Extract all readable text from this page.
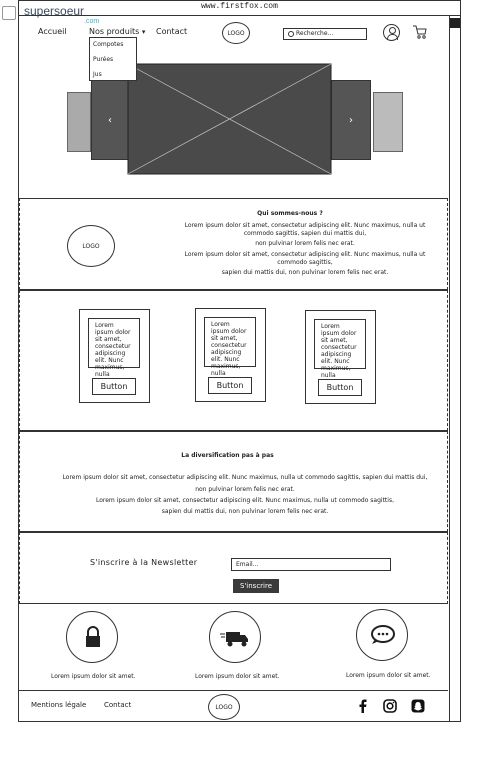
supersoeur
.com
www.firstfox.com
Accueil	Nos produits ▾ Contact	LOGO	Recherche...
‹	›
Compotes
Purées
Jus
LOGO
Qui sommes-nous ?
Lorem ipsum dolor sit amet, consectetur adipiscing elit. Nunc maximus, nulla ut
commodo sagittis, sapien dui mattis dui,
non pulvinar lorem felis nec erat.
Lorem ipsum dolor sit amet, consectetur adipiscing elit. Nunc maximus, nulla ut
commodo sagittis,
sapien dui mattis dui, non pulvinar lorem felis nec erat.
Lorem ipsum dolor sit amet, consectetur adipiscing elit. Nunc maximus, nulla
Button
Lorem ipsum dolor sit amet, consectetur adipiscing elit. Nunc maximus, nulla
Button
Lorem ipsum dolor sit amet, consectetur adipiscing elit. Nunc maximus, nulla
Button
La diversification pas à pas
Lorem ipsum dolor sit amet, consectetur adipiscing elit. Nunc maximus, nulla ut commodo sagittis, sapien dui mattis dui,
non pulvinar lorem felis nec erat.
Lorem ipsum dolor sit amet, consectetur adipiscing elit. Nunc maximus, nulla ut commodo sagittis,
sapien dui mattis dui, non pulvinar lorem felis nec erat.
S'inscrire à la Newsletter	Email...
S'inscrire
Lorem ipsum dolor sit amet.	Lorem ipsum dolor sit amet.	Lorem ipsum dolor sit amet.
Mentions légale	Contact	LOGO
